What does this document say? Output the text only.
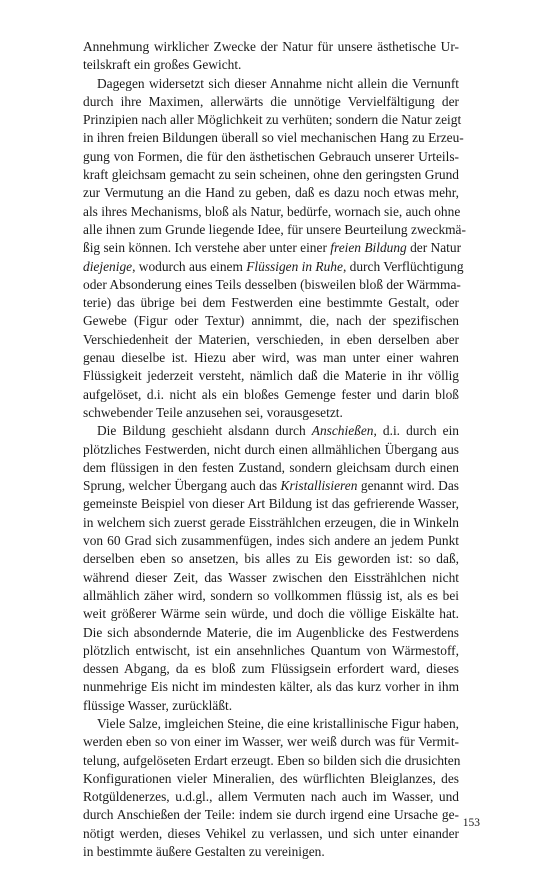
Annehmung wirklicher Zwecke der Natur für unsere ästhetische Ur-
teilskraft ein großes Gewicht.
Dagegen widersetzt sich dieser Annahme nicht allein die Vernunft
durch ihre Maximen, allerwärts die unnötige Vervielfältigung der
Prinzipien nach aller Möglichkeit zu verhüten; sondern die Natur zeigt
in ihren freien Bildungen überall so viel mechanischen Hang zu Erzeu-
gung von Formen, die für den ästhetischen Gebrauch unserer Urteils-
kraft gleichsam gemacht zu sein scheinen, ohne den geringsten Grund
zur Vermutung an die Hand zu geben, daß es dazu noch etwas mehr,
als ihres Mechanisms, bloß als Natur, bedürfe, wornach sie, auch ohne
alle ihnen zum Grunde liegende Idee, für unsere Beurteilung zweckmä-
ßig sein können. Ich verstehe aber unter einer freien Bildung der Natur
diejenige, wodurch aus einem Flüssigen in Ruhe, durch Verflüchtigung
oder Absonderung eines Teils desselben (bisweilen bloß der Wärmma-
terie) das übrige bei dem Festwerden eine bestimmte Gestalt, oder
Gewebe (Figur oder Textur) annimmt, die, nach der spezifischen
Verschiedenheit der Materien, verschieden, in eben derselben aber
genau dieselbe ist. Hiezu aber wird, was man unter einer wahren
Flüssigkeit jederzeit versteht, nämlich daß die Materie in ihr völlig
aufgelöset, d.i. nicht als ein bloßes Gemenge fester und darin bloß
schwebender Teile anzusehen sei, vorausgesetzt.
Die Bildung geschieht alsdann durch Anschießen, d.i. durch ein
plötzliches Festwerden, nicht durch einen allmählichen Übergang aus
dem flüssigen in den festen Zustand, sondern gleichsam durch einen
Sprung, welcher Übergang auch das Kristallisieren genannt wird. Das
gemeinste Beispiel von dieser Art Bildung ist das gefrierende Wasser,
in welchem sich zuerst gerade Eisstrählchen erzeugen, die in Winkeln
von 60 Grad sich zusammenfügen, indes sich andere an jedem Punkt
derselben eben so ansetzen, bis alles zu Eis geworden ist: so daß,
während dieser Zeit, das Wasser zwischen den Eisstrählchen nicht
allmählich zäher wird, sondern so vollkommen flüssig ist, als es bei
weit größerer Wärme sein würde, und doch die völlige Eiskälte hat.
Die sich absondernde Materie, die im Augenblicke des Festwerdens
plötzlich entwischt, ist ein ansehnliches Quantum von Wärmestoff,
dessen Abgang, da es bloß zum Flüssigsein erfordert ward, dieses
nunmehrige Eis nicht im mindesten kälter, als das kurz vorher in ihm
flüssige Wasser, zurückläßt.
Viele Salze, imgleichen Steine, die eine kristallinische Figur haben,
werden eben so von einer im Wasser, wer weiß durch was für Vermit-
telung, aufgelöseten Erdart erzeugt. Eben so bilden sich die drusichten
Konfigurationen vieler Mineralien, des würflichten Bleiglanzes, des
Rotgüldenerzes, u.d.gl., allem Vermuten nach auch im Wasser, und
durch Anschießen der Teile: indem sie durch irgend eine Ursache ge-
nötigt werden, dieses Vehikel zu verlassen, und sich unter einander
in bestimmte äußere Gestalten zu vereinigen.
153
